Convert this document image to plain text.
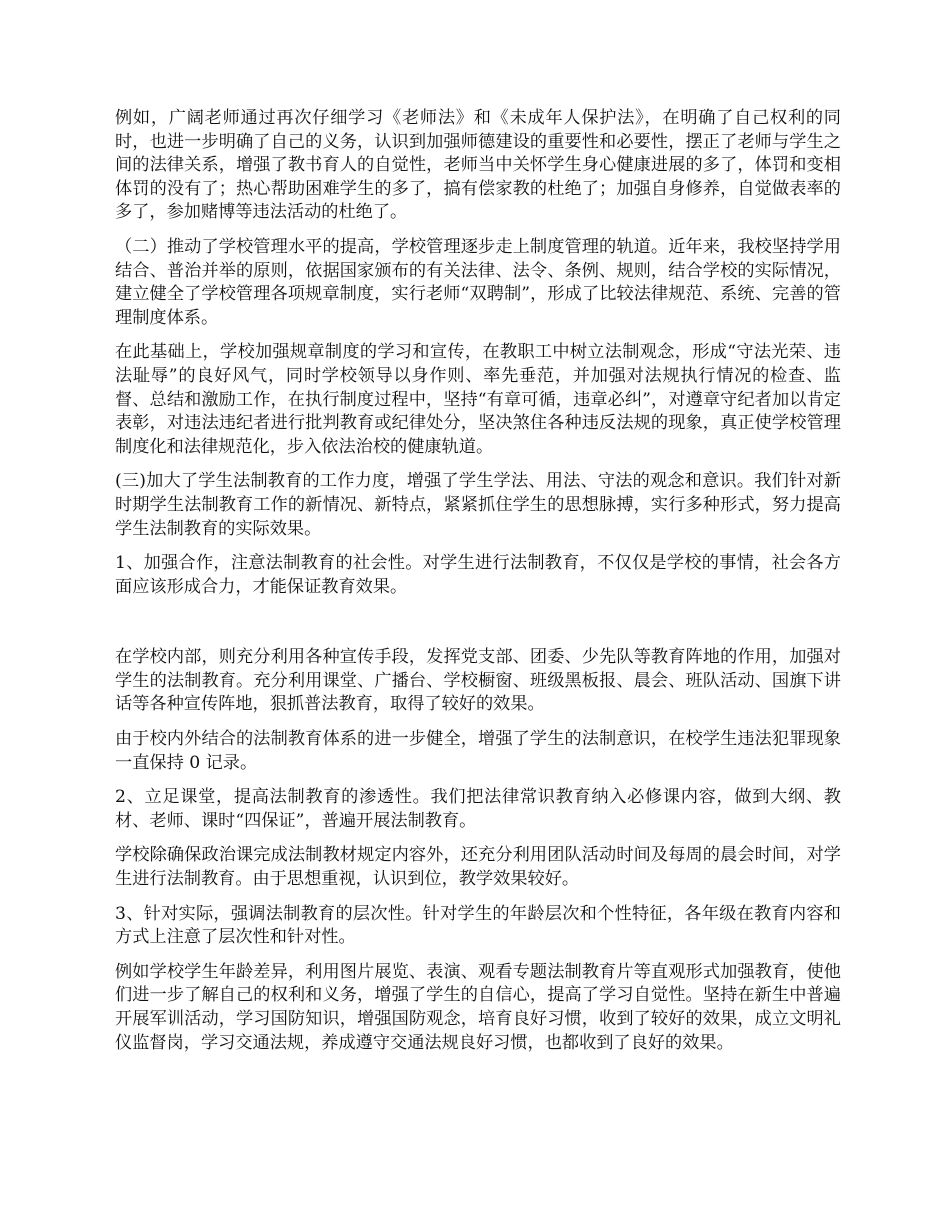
例如，广阔老师通过再次仔细学习《老师法》和《未成年人保护法》，在明确了自己权利的同时，也进一步明确了自己的义务，认识到加强师德建设的重要性和必要性，摆正了老师与学生之间的法律关系，增强了教书育人的自觉性，老师当中关怀学生身心健康进展的多了，体罚和变相体罚的没有了；热心帮助困难学生的多了，搞有偿家教的杜绝了；加强自身修养，自觉做表率的多了，参加赌博等违法活动的杜绝了。

（二）推动了学校管理水平的提高，学校管理逐步走上制度管理的轨道。近年来，我校坚持学用结合、普治并举的原则，依据国家颁布的有关法律、法令、条例、规则，结合学校的实际情况，建立健全了学校管理各项规章制度，实行老师“双聘制”，形成了比较法律规范、系统、完善的管理制度体系。

在此基础上，学校加强规章制度的学习和宣传，在教职工中树立法制观念，形成“守法光荣、违法耻辱”的良好风气，同时学校领导以身作则、率先垂范，并加强对法规执行情况的检查、监督、总结和激励工作，在执行制度过程中，坚持“有章可循，违章必纠”，对遵章守纪者加以肯定表彰，对违法违纪者进行批判教育或纪律处分，坚决煞住各种违反法规的现象，真正使学校管理制度化和法律规范化，步入依法治校的健康轨道。

(三)加大了学生法制教育的工作力度，增强了学生学法、用法、守法的观念和意识。我们针对新时期学生法制教育工作的新情况、新特点，紧紧抓住学生的思想脉搏，实行多种形式，努力提高学生法制教育的实际效果。

1、加强合作，注意法制教育的社会性。对学生进行法制教育，不仅仅是学校的事情，社会各方面应该形成合力，才能保证教育效果。

在学校内部，则充分利用各种宣传手段，发挥党支部、团委、少先队等教育阵地的作用，加强对学生的法制教育。充分利用课堂、广播台、学校橱窗、班级黑板报、晨会、班队活动、国旗下讲话等各种宣传阵地，狠抓普法教育，取得了较好的效果。

由于校内外结合的法制教育体系的进一步健全，增强了学生的法制意识，在校学生违法犯罪现象一直保持 0 记录。

2、立足课堂，提高法制教育的渗透性。我们把法律常识教育纳入必修课内容，做到大纲、教材、老师、课时“四保证”，普遍开展法制教育。

学校除确保政治课完成法制教材规定内容外，还充分利用团队活动时间及每周的晨会时间，对学生进行法制教育。由于思想重视，认识到位，教学效果较好。

3、针对实际，强调法制教育的层次性。针对学生的年龄层次和个性特征，各年级在教育内容和方式上注意了层次性和针对性。

例如学校学生年龄差异，利用图片展览、表演、观看专题法制教育片等直观形式加强教育，使他们进一步了解自己的权利和义务，增强了学生的自信心，提高了学习自觉性。坚持在新生中普遍开展军训活动，学习国防知识，增强国防观念，培育良好习惯，收到了较好的效果，成立文明礼仪监督岗，学习交通法规，养成遵守交通法规良好习惯，也都收到了良好的效果。
